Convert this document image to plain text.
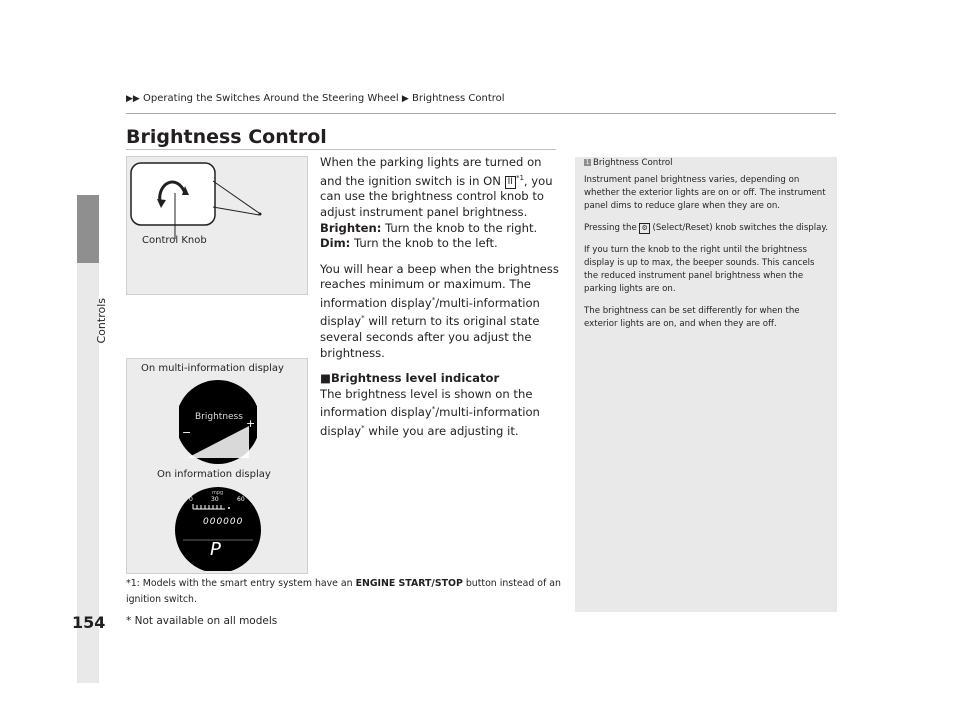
Controls
154
▶▶ Operating the Switches Around the Steering Wheel ▶ Brightness Control
Brightness Control
Control Knob
On multi-information display
Brightness
−
+
On information display
mpg
0	30	60
000000
P

When the parking lights are turned on and the ignition switch is in ON II $^{*1}$, you can use the brightness control knob to adjust instrument panel brightness.

Brighten: Turn the knob to the right.

Dim: Turn the knob to the left.

You will hear a beep when the brightness reaches minimum or maximum. The information display*/multi-information display* will return to its original state several seconds after you adjust the brightness.

■Brightness level indicator

The brightness level is shown on the information display*/multi-information display* while you are adjusting it.

*1: Models with the smart entry system have an ENGINE START/STOP button instead of an ignition switch.
* Not available on all models
1 Brightness Control

Instrument panel brightness varies, depending on whether the exterior lights are on or off. The instrument panel dims to reduce glare when they are on.

Pressing the ⚙ (Select/Reset) knob switches the display.

If you turn the knob to the right until the brightness display is up to max, the beeper sounds. This cancels the reduced instrument panel brightness when the parking lights are on.

The brightness can be set differently for when the exterior lights are on, and when they are off.
